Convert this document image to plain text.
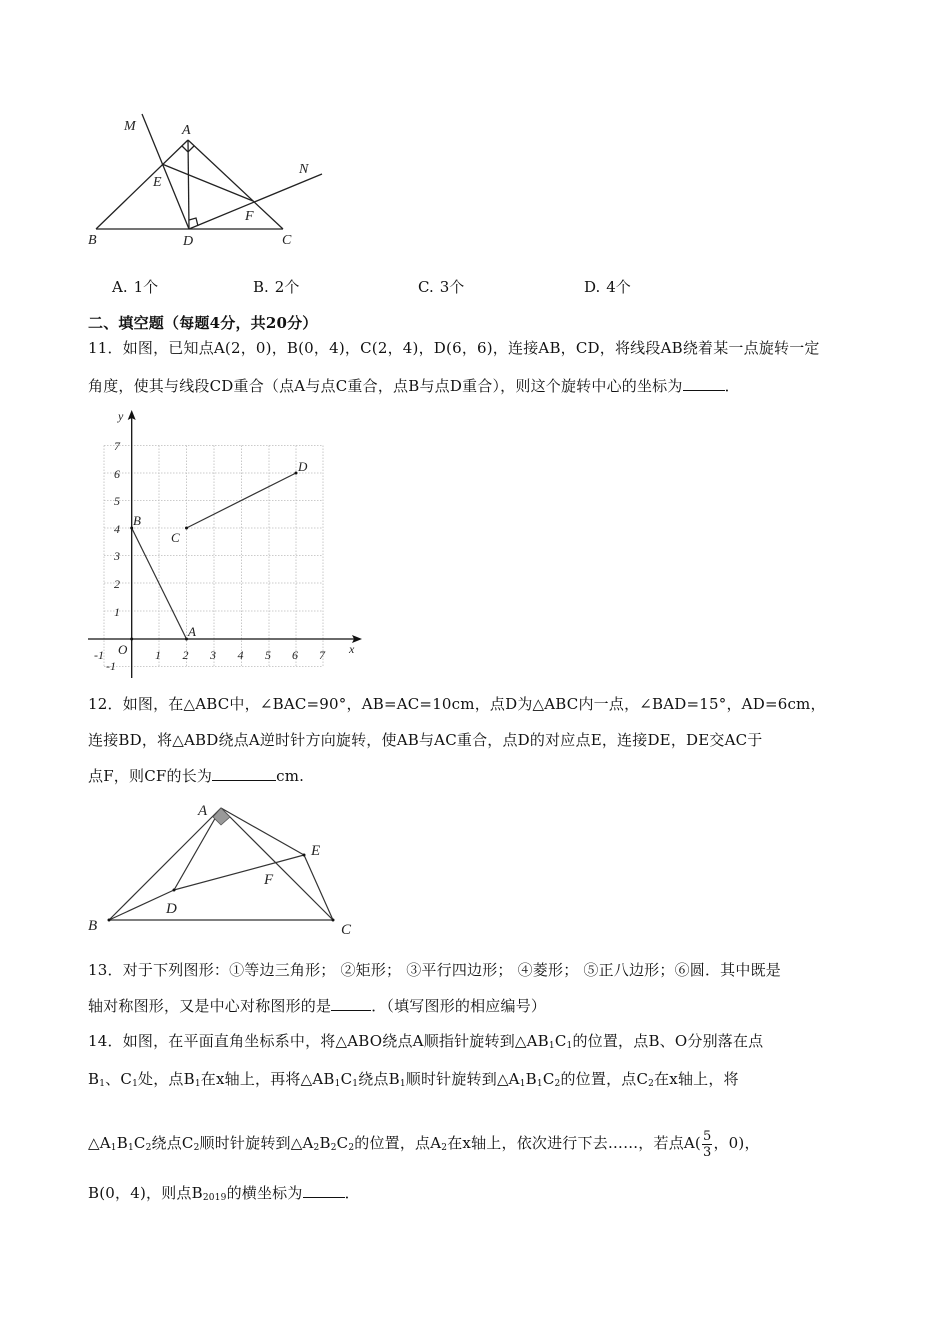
M	A
N
E
F
B	D	C
A. 1个	B. 2个	C. 3个	D. 4个
二、填空题（每题4分，共20分）
11．如图，已知点A(2，0)，B(0，4)，C(2，4)，D(6，6)，连接AB，CD，将线段AB绕着某一点旋转一定
角度，使其与线段CD重合（点A与点C重合，点B与点D重合），则这个旋转中心的坐标为	．
x
y
O
-1	1 2 3 4 5 6 7
7
6
5
4
3
2
1
-1
B
A
C
D
12．如图，在△ABC中，∠BAC=90°，AB=AC=10cm，点D为△ABC内一点，∠BAD=15°，AD=6cm，
连接BD，将△ABD绕点A逆时针方向旋转，使AB与AC重合，点D的对应点E，连接DE，DE交AC于
点F，则CF的长为	cm.
A
E
F
B
D
C
13．对于下列图形：①等边三角形； ②矩形； ③平行四边形； ④菱形； ⑤正八边形；⑥圆．其中既是
轴对称图形，又是中心对称图形的是	．（填写图形的相应编号）
14．如图，在平面直角坐标系中，将△ABO绕点A顺指针旋转到$\triangle AB_1C_1$的位置，点B、O分别落在点
$B_1$、$C_1$处，点$B_1$在x轴上，再将$\triangle AB_1C_1$绕点$B_1$顺时针旋转到$\triangle A_1B_1C_2$的位置，点$C_2$在x轴上，将
$\triangle A_1B_1C_2$绕点$C_2$顺时针旋转到$\triangle A_2B_2C_2$的位置，点$A_2$在x轴上，依次进行下去……，若点$A( \frac{5}{3}$ ，0)，
B(0，4)，则点$B_{2019}$的横坐标为	．
